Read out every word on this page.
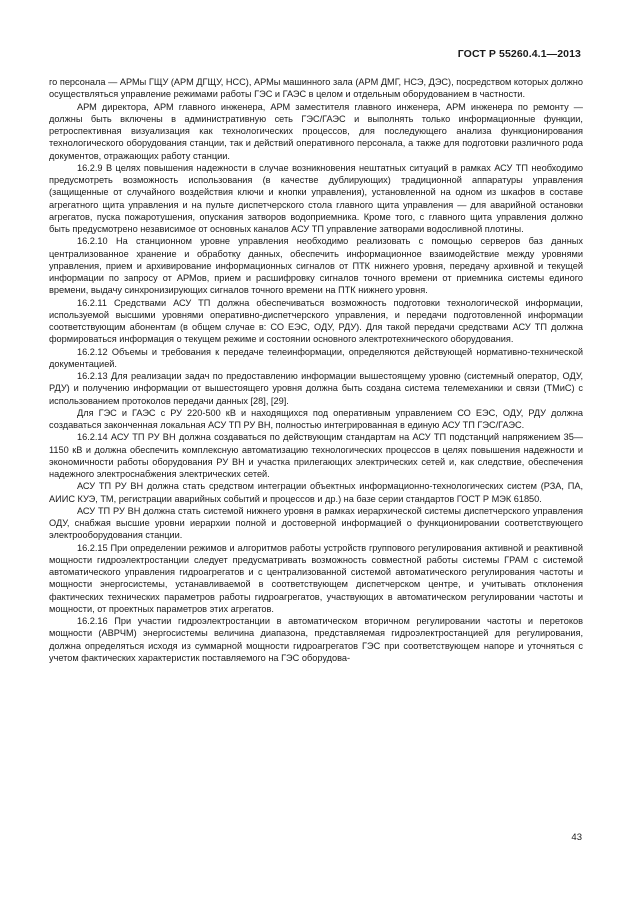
ГОСТ Р 55260.4.1—2013

го персонала — АРМы ГЩУ (АРМ ДГЩУ, НСС), АРМы машинного зала (АРМ ДМГ, НСЭ, ДЭС), посредством которых должно осуществляться управление режимами работы ГЭС и ГАЭС в целом и отдельным оборудованием в частности.

АРМ директора, АРМ главного инженера, АРМ заместителя главного инженера, АРМ инженера по ремонту — должны быть включены в административную сеть ГЭС/ГАЭС и выполнять только информационные функции, ретроспективная визуализация как технологических процессов, для последующего анализа функционирования технологического оборудования станции, так и действий оперативного персонала, а также для подготовки различного рода документов, отражающих работу станции.

16.2.9 В целях повышения надежности в случае возникновения нештатных ситуаций в рамках АСУ ТП необходимо предусмотреть возможность использования (в качестве дублирующих) традиционной аппаратуры управления (защищенные от случайного воздействия ключи и кнопки управления), установленной на одном из шкафов в составе агрегатного щита управления и на пульте диспетчерского стола главного щита управления — для аварийной остановки агрегатов, пуска пожаротушения, опускания затворов водоприемника. Кроме того, с главного щита управления должно быть предусмотрено независимое от основных каналов АСУ ТП управление затворами водосливной плотины.

16.2.10 На станционном уровне управления необходимо реализовать с помощью серверов баз данных централизованное хранение и обработку данных, обеспечить информационное взаимодействие между уровнями управления, прием и архивирование информационных сигналов от ПТК нижнего уровня, передачу архивной и текущей информации по запросу от АРМов, прием и расшифровку сигналов точного времени от приемника системы единого времени, выдачу синхронизирующих сигналов точного времени на ПТК нижнего уровня.

16.2.11 Средствами АСУ ТП должна обеспечиваться возможность подготовки технологической информации, используемой высшими уровнями оперативно-диспетчерского управления, и передачи подготовленной информации соответствующим абонентам (в общем случае в: СО ЕЭС, ОДУ, РДУ). Для такой передачи средствами АСУ ТП должна формироваться информация о текущем режиме и состоянии основного электротехнического оборудования.

16.2.12 Объемы и требования к передаче телеинформации, определяются действующей нормативно-технической документацией.

16.2.13 Для реализации задач по предоставлению информации вышестоящему уровню (системный оператор, ОДУ, РДУ) и получению информации от вышестоящего уровня должна быть создана система телемеханики и связи (ТМиС) с использованием протоколов передачи данных [28], [29].

Для ГЭС и ГАЭС с РУ 220-500 кВ и находящихся под оперативным управлением СО ЕЭС, ОДУ, РДУ должна создаваться законченная локальная АСУ ТП РУ ВН, полностью интегрированная в единую АСУ ТП ГЭС/ГАЭС.

16.2.14 АСУ ТП РУ ВН должна создаваться по действующим стандартам на АСУ ТП подстанций напряжением 35—1150 кВ и должна обеспечить комплексную автоматизацию технологических процессов в целях повышения надежности и экономичности работы оборудования РУ ВН и участка прилегающих электрических сетей и, как следствие, обеспечения надежного электроснабжения электрических сетей.

АСУ ТП РУ ВН должна стать средством интеграции объектных информационно-технологических систем (РЗА, ПА, АИИС КУЭ, ТМ, регистрации аварийных событий и процессов и др.) на базе серии стандартов ГОСТ Р МЭК 61850.

АСУ ТП РУ ВН должна стать системой нижнего уровня в рамках иерархической системы диспетчерского управления ОДУ, снабжая высшие уровни иерархии полной и достоверной информацией о функционировании соответствующего электрооборудования станции.

16.2.15 При определении режимов и алгоритмов работы устройств группового регулирования активной и реактивной мощности гидроэлектростанции следует предусматривать возможность совместной работы системы ГРАМ с системой автоматического управления гидроагрегатов и с централизованной системой автоматического регулирования частоты и мощности энергосистемы, устанавливаемой в соответствующем диспетчерском центре, и учитывать отклонения фактических технических параметров работы гидроагрегатов, участвующих в автоматическом регулировании частоты и мощности, от проектных параметров этих агрегатов.

16.2.16 При участии гидроэлектростанции в автоматическом вторичном регулировании частоты и перетоков мощности (АВРЧМ) энергосистемы величина диапазона, представляемая гидроэлектростанцией для регулирования, должна определяться исходя из суммарной мощности гидроагрегатов ГЭС при соответствующем напоре и уточняться с учетом фактических характеристик поставляемого на ГЭС оборудова-

43
